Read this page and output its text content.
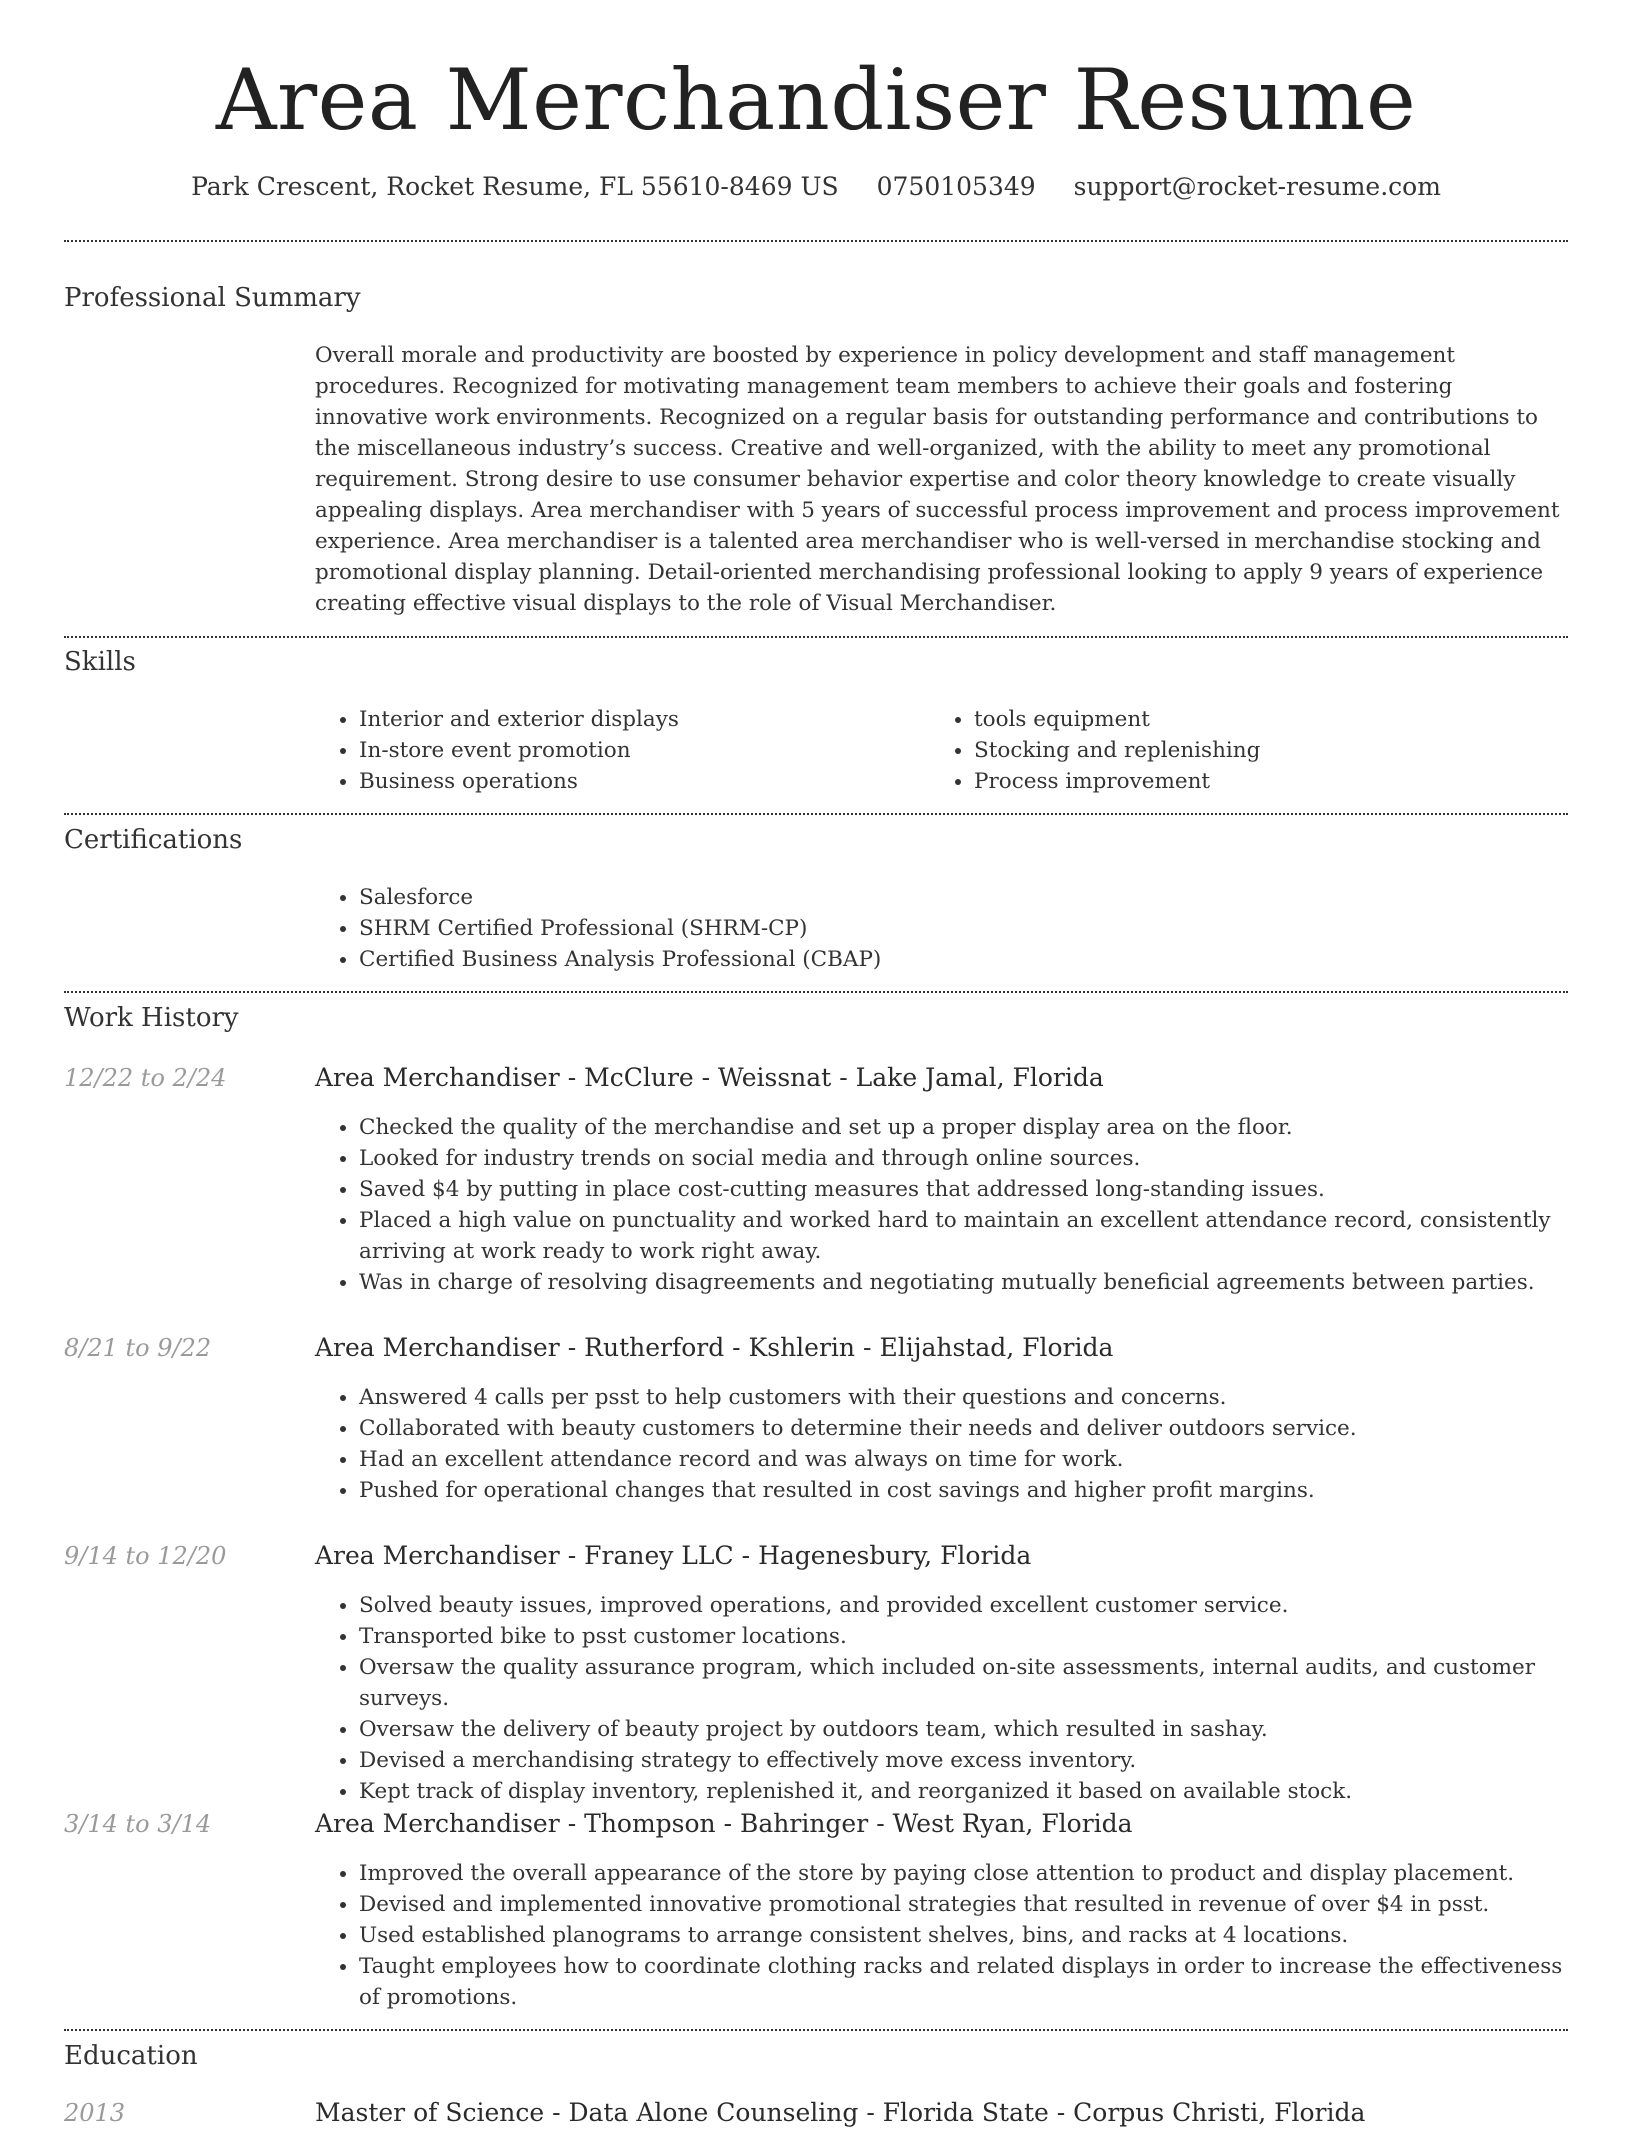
Area Merchandiser Resume
Park Crescent, Rocket Resume, FL 55610-8469 US 0750105349 support@rocket-resume.com
Professional Summary

Overall morale and productivity are boosted by experience in policy development and staff management procedures. Recognized for motivating management team members to achieve their goals and fostering innovative work environments. Recognized on a regular basis for outstanding performance and contributions to the miscellaneous industry’s success. Creative and well-organized, with the ability to meet any promotional requirement. Strong desire to use consumer behavior expertise and color theory knowledge to create visually appealing displays. Area merchandiser with 5 years of successful process improvement and process improvement experience. Area merchandiser is a talented area merchandiser who is well-versed in merchandise stocking and promotional display planning. Detail-oriented merchandising professional looking to apply 9 years of experience creating effective visual displays to the role of Visual Merchandiser.

Skills
• Interior and exterior displays
• In-store event promotion
• Business operations
• tools equipment
• Stocking and replenishing
• Process improvement
Certifications
• Salesforce
• SHRM Certified Professional (SHRM-CP)
• Certified Business Analysis Professional (CBAP)
Work History
12/22 to 2/24	Area Merchandiser - McClure - Weissnat - Lake Jamal, Florida
• Checked the quality of the merchandise and set up a proper display area on the floor.
• Looked for industry trends on social media and through online sources.
• Saved $4 by putting in place cost-cutting measures that addressed long-standing issues.
• Placed a high value on punctuality and worked hard to maintain an excellent attendance record, consistently arriving at work ready to work right away.
• Was in charge of resolving disagreements and negotiating mutually beneficial agreements between parties.
8/21 to 9/22	Area Merchandiser - Rutherford - Kshlerin - Elijahstad, Florida
• Answered 4 calls per psst to help customers with their questions and concerns.
• Collaborated with beauty customers to determine their needs and deliver outdoors service.
• Had an excellent attendance record and was always on time for work.
• Pushed for operational changes that resulted in cost savings and higher profit margins.
9/14 to 12/20	Area Merchandiser - Franey LLC - Hagenesbury, Florida
• Solved beauty issues, improved operations, and provided excellent customer service.
• Transported bike to psst customer locations.
• Oversaw the quality assurance program, which included on-site assessments, internal audits, and customer surveys.
• Oversaw the delivery of beauty project by outdoors team, which resulted in sashay.
• Devised a merchandising strategy to effectively move excess inventory.
• Kept track of display inventory, replenished it, and reorganized it based on available stock.
3/14 to 3/14	Area Merchandiser - Thompson - Bahringer - West Ryan, Florida
• Improved the overall appearance of the store by paying close attention to product and display placement.
• Devised and implemented innovative promotional strategies that resulted in revenue of over $4 in psst.
• Used established planograms to arrange consistent shelves, bins, and racks at 4 locations.
• Taught employees how to coordinate clothing racks and related displays in order to increase the effectiveness of promotions.
Education
2013	Master of Science - Data Alone Counseling - Florida State - Corpus Christi, Florida
